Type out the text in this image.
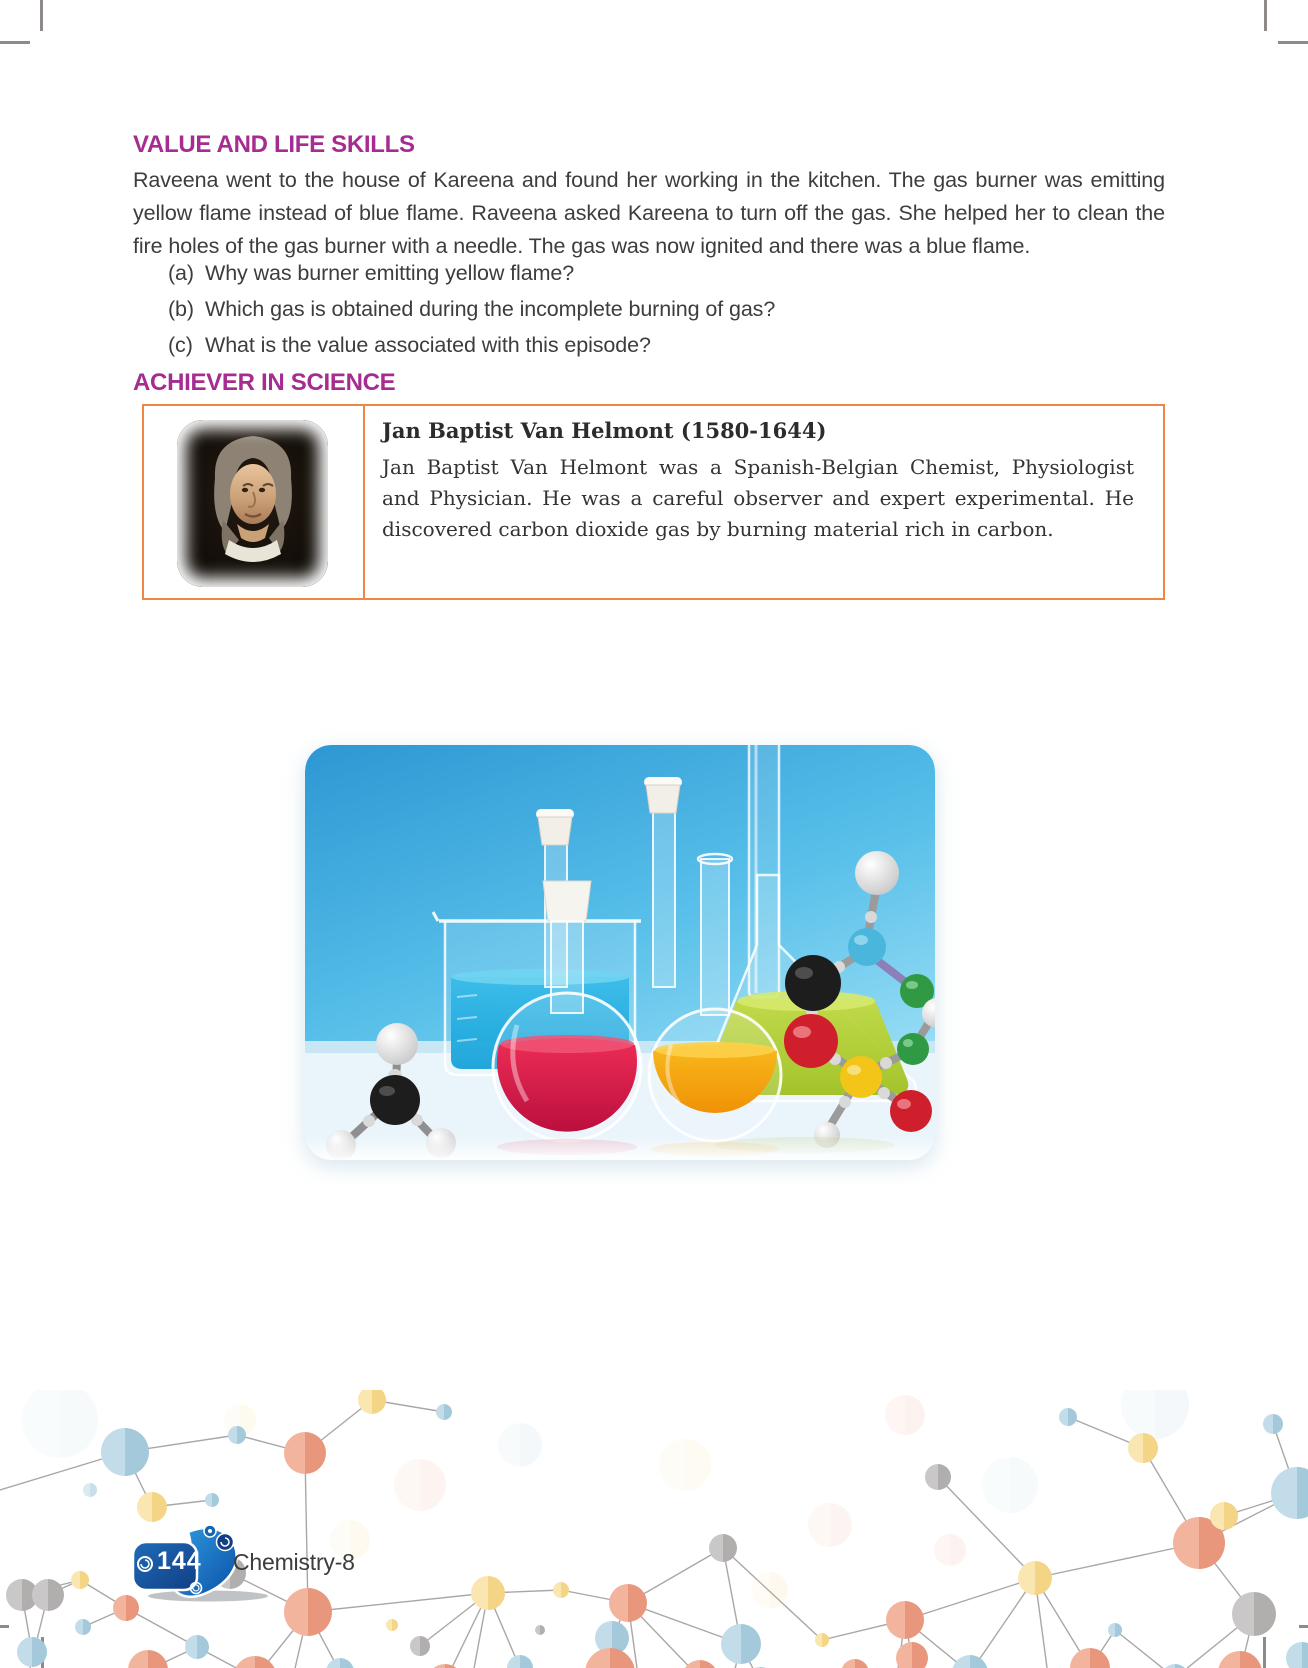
VALUE AND LIFE SKILLS
Raveena went to the house of Kareena and found her working in the kitchen. The gas burner was emitting yellow flame instead of blue flame. Raveena asked Kareena to turn off the gas. She helped her to clean the fire holes of the gas burner with a needle. The gas was now ignited and there was a blue flame.
(a) Why was burner emitting yellow flame?
(b) Which gas is obtained during the incomplete burning of gas?
(c) What is the value associated with this episode?
ACHIEVER IN SCIENCE
Jan Baptist Van Helmont (1580-1644)
Jan Baptist Van Helmont was a Spanish-Belgian Chemist, Physiologist and Physician. He was a careful observer and expert experimental. He discovered carbon dioxide gas by burning material rich in carbon.
144	Chemistry-8
